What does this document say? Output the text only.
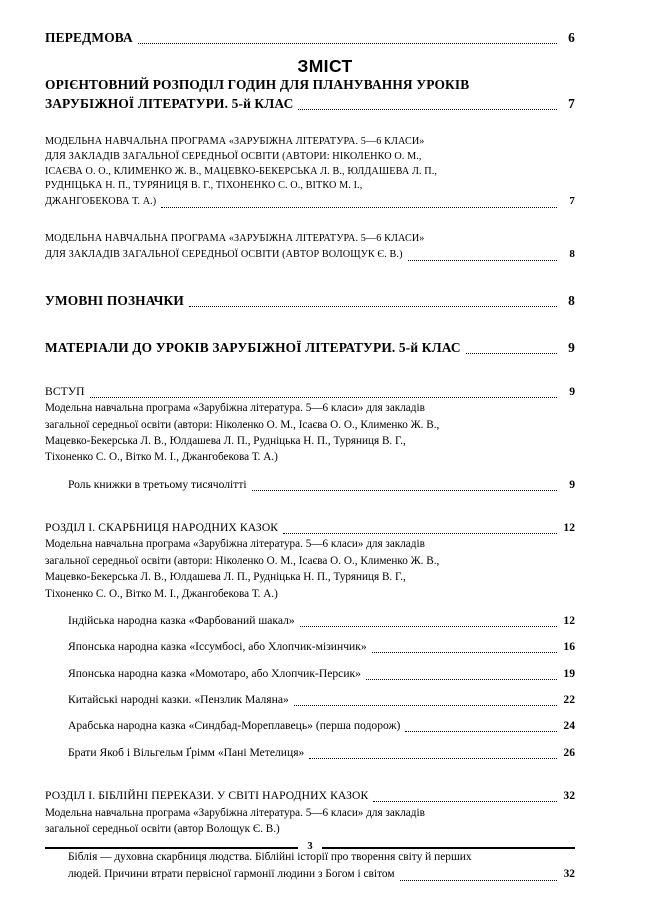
ЗМІСТ
ПЕРЕДМОВА	6
ОРІЄНТОВНИЙ РОЗПОДІЛ ГОДИН ДЛЯ ПЛАНУВАННЯ УРОКІВ
ЗАРУБІЖНОЇ ЛІТЕРАТУРИ. 5-й КЛАС	7
МОДЕЛЬНА НАВЧАЛЬНА ПРОГРАМА «ЗАРУБІЖНА ЛІТЕРАТУРА. 5—6 КЛАСИ»
ДЛЯ ЗАКЛАДІВ ЗАГАЛЬНОЇ СЕРЕДНЬОЇ ОСВІТИ (АВТОРИ: НІКОЛЕНКО О. М.,
ІСАЄВА О. О., КЛИМЕНКО Ж. В., МАЦЕВКО-БЕКЕРСЬКА Л. В., ЮЛДАШЕВА Л. П.,
РУДНІЦЬКА Н. П., ТУРЯНИЦЯ В. Г., ТІХОНЕНКО С. О., ВІТКО М. І.,
ДЖАНГОБЕКОВА Т. А.)	7
МОДЕЛЬНА НАВЧАЛЬНА ПРОГРАМА «ЗАРУБІЖНА ЛІТЕРАТУРА. 5—6 КЛАСИ»
ДЛЯ ЗАКЛАДІВ ЗАГАЛЬНОЇ СЕРЕДНЬОЇ ОСВІТИ (АВТОР ВОЛОЩУК Є. В.)	8
УМОВНІ ПОЗНАЧКИ	8
МАТЕРІАЛИ ДО УРОКІВ ЗАРУБІЖНОЇ ЛІТЕРАТУРИ. 5-й КЛАС	9
ВСТУП	9
Модельна навчальна програма «Зарубіжна література. 5—6 класи» для закладів
загальної середньої освіти (автори: Ніколенко О. М., Ісаєва О. О., Клименко Ж. В.,
Мацевко-Бекерська Л. В., Юлдашева Л. П., Рудніцька Н. П., Туряниця В. Г.,
Тіхоненко С. О., Вітко М. І., Джангобекова Т. А.)
Роль книжки в третьому тисячолітті	9
РОЗДІЛ І. СКАРБНИЦЯ НАРОДНИХ КАЗОК	12
Модельна навчальна програма «Зарубіжна література. 5—6 класи» для закладів
загальної середньої освіти (автори: Ніколенко О. М., Ісаєва О. О., Клименко Ж. В.,
Мацевко-Бекерська Л. В., Юлдашева Л. П., Рудніцька Н. П., Туряниця В. Г.,
Тіхоненко С. О., Вітко М. І., Джангобекова Т. А.)
Індійська народна казка «Фарбований шакал»	12
Японська народна казка «Іссумбосі, або Хлопчик-мізинчик»	16
Японська народна казка «Момотаро, або Хлопчик-Персик»	19
Китайські народні казки. «Пензлик Маляна»	22
Арабська народна казка «Синдбад-Мореплавець» (перша подорож)	24
Брати Якоб і Вільгельм Ґрімм «Пані Метелиця»	26
РОЗДІЛ І. БІБЛІЙНІ ПЕРЕКАЗИ. У СВІТІ НАРОДНИХ КАЗОК	32
Модельна навчальна програма «Зарубіжна література. 5—6 класи» для закладів
загальної середньої освіти (автор Волощук Є. В.)
Біблія — духовна скарбниця людства. Біблійні історії про творення світу й перших
людей. Причини втрати первісної гармонії людини з Богом і світом	32
3
